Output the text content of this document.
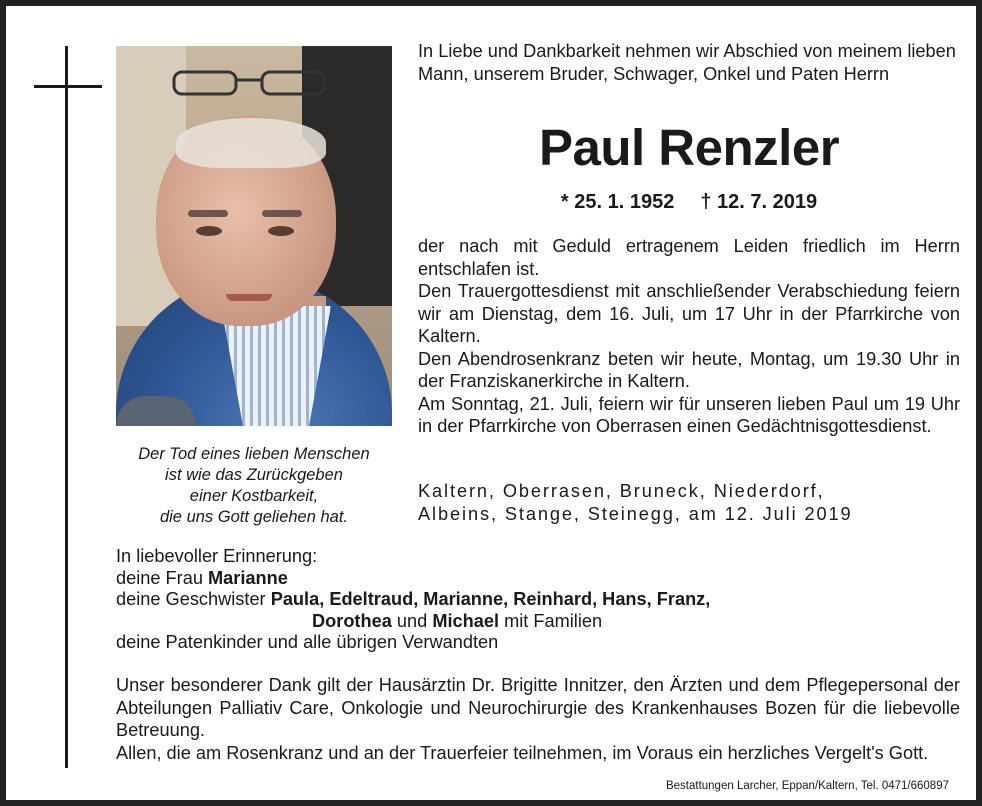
Der Tod eines lieben Menschen
ist wie das Zurückgeben
einer Kostbarkeit,
die uns Gott geliehen hat.
In Liebe und Dankbarkeit nehmen wir Abschied von meinem lieben Mann, unserem Bruder, Schwager, Onkel und Paten Herrn
Paul Renzler
* 25. 1. 1952 † 12. 7. 2019

der nach mit Geduld ertragenem Leiden friedlich im Herrn entschlafen ist.

Den Trauergottesdienst mit anschließender Verabschiedung feiern wir am Dienstag, dem 16. Juli, um 17 Uhr in der Pfarrkirche von Kaltern.

Den Abendrosenkranz beten wir heute, Montag, um 19.30 Uhr in der Franziskanerkirche in Kaltern.

Am Sonntag, 21. Juli, feiern wir für unseren lieben Paul um 19 Uhr in der Pfarrkirche von Oberrasen einen Gedächtnisgottesdienst.

Kaltern, Oberrasen, Bruneck, Niederdorf,

Albeins, Stange, Steinegg, am 12. Juli 2019

In liebevoller Erinnerung:
deine Frau Marianne
deine Geschwister Paula, Edeltraud, Marianne, Reinhard, Hans, Franz,
Dorothea und Michael mit Familien
deine Patenkinder und alle übrigen Verwandten

Unser besonderer Dank gilt der Hausärztin Dr. Brigitte Innitzer, den Ärzten und dem Pflegepersonal der Abteilungen Palliativ Care, Onkologie und Neurochirurgie des Krankenhauses Bozen für die liebevolle Betreuung.

Allen, die am Rosenkranz und an der Trauerfeier teilnehmen, im Voraus ein herzliches Vergelt's Gott.

Bestattungen Larcher, Eppan/Kaltern, Tel. 0471/660897
